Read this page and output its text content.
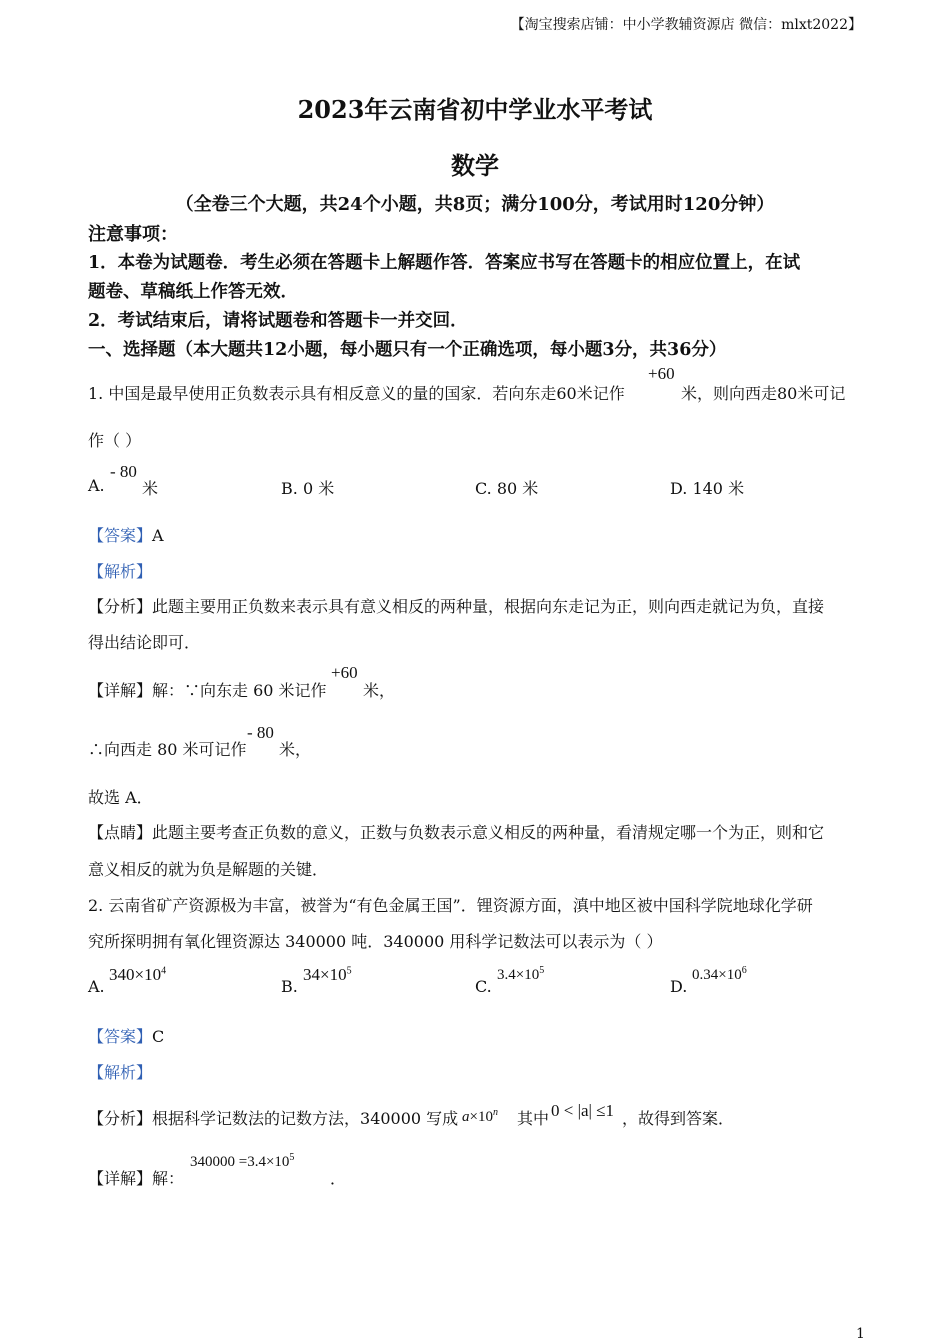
【淘宝搜索店铺：中小学教辅资源店 微信：mlxt2022】
2023年云南省初中学业水平考试
数学
（全卷三个大题，共24个小题，共8页；满分100分，考试用时120分钟）
注意事项：
1．本卷为试题卷．考生必须在答题卡上解题作答．答案应书写在答题卡的相应位置上，在试
题卷、草稿纸上作答无效．
2．考试结束后，请将试题卷和答题卡一并交回．
一、选择题（本大题共12小题，每小题只有一个正确选项，每小题3分，共36分）
1. 中国是最早使用正负数表示具有相反意义的量的国家．若向东走60米记作
+60
米，则向西走80米可记
作（ ）
A.
- 80
米	B. 0 米	C. 80 米	D. 140 米
【答案】A
【解析】
【分析】此题主要用正负数来表示具有意义相反的两种量，根据向东走记为正，则向西走就记为负，直接
得出结论即可．
【详解】解：∵向东走 60 米记作
+60
米，
∴向西走 80 米可记作
- 80
米，
故选 A．
【点睛】此题主要考查正负数的意义，正数与负数表示意义相反的两种量，看清规定哪一个为正，则和它
意义相反的就为负是解题的关键．
2. 云南省矿产资源极为丰富，被誉为“有色金属王国”．锂资源方面，滇中地区被中国科学院地球化学研
究所探明拥有氧化锂资源达 340000 吨．340000 用科学记数法可以表示为（ ）
A.
$340\times 10^4$
B.
$34\times 10^5$
C.
$3.4\times 10^5$
D.
$0.34\times 10^6$
【答案】C
【解析】
【分析】根据科学记数法的记数方法，340000 写成 $a\times 10^n$ 其中 0 < |a| ≤1 ，故得到答案．
【详解】解：
$340000 =3.4\times 10^5$
．
1
